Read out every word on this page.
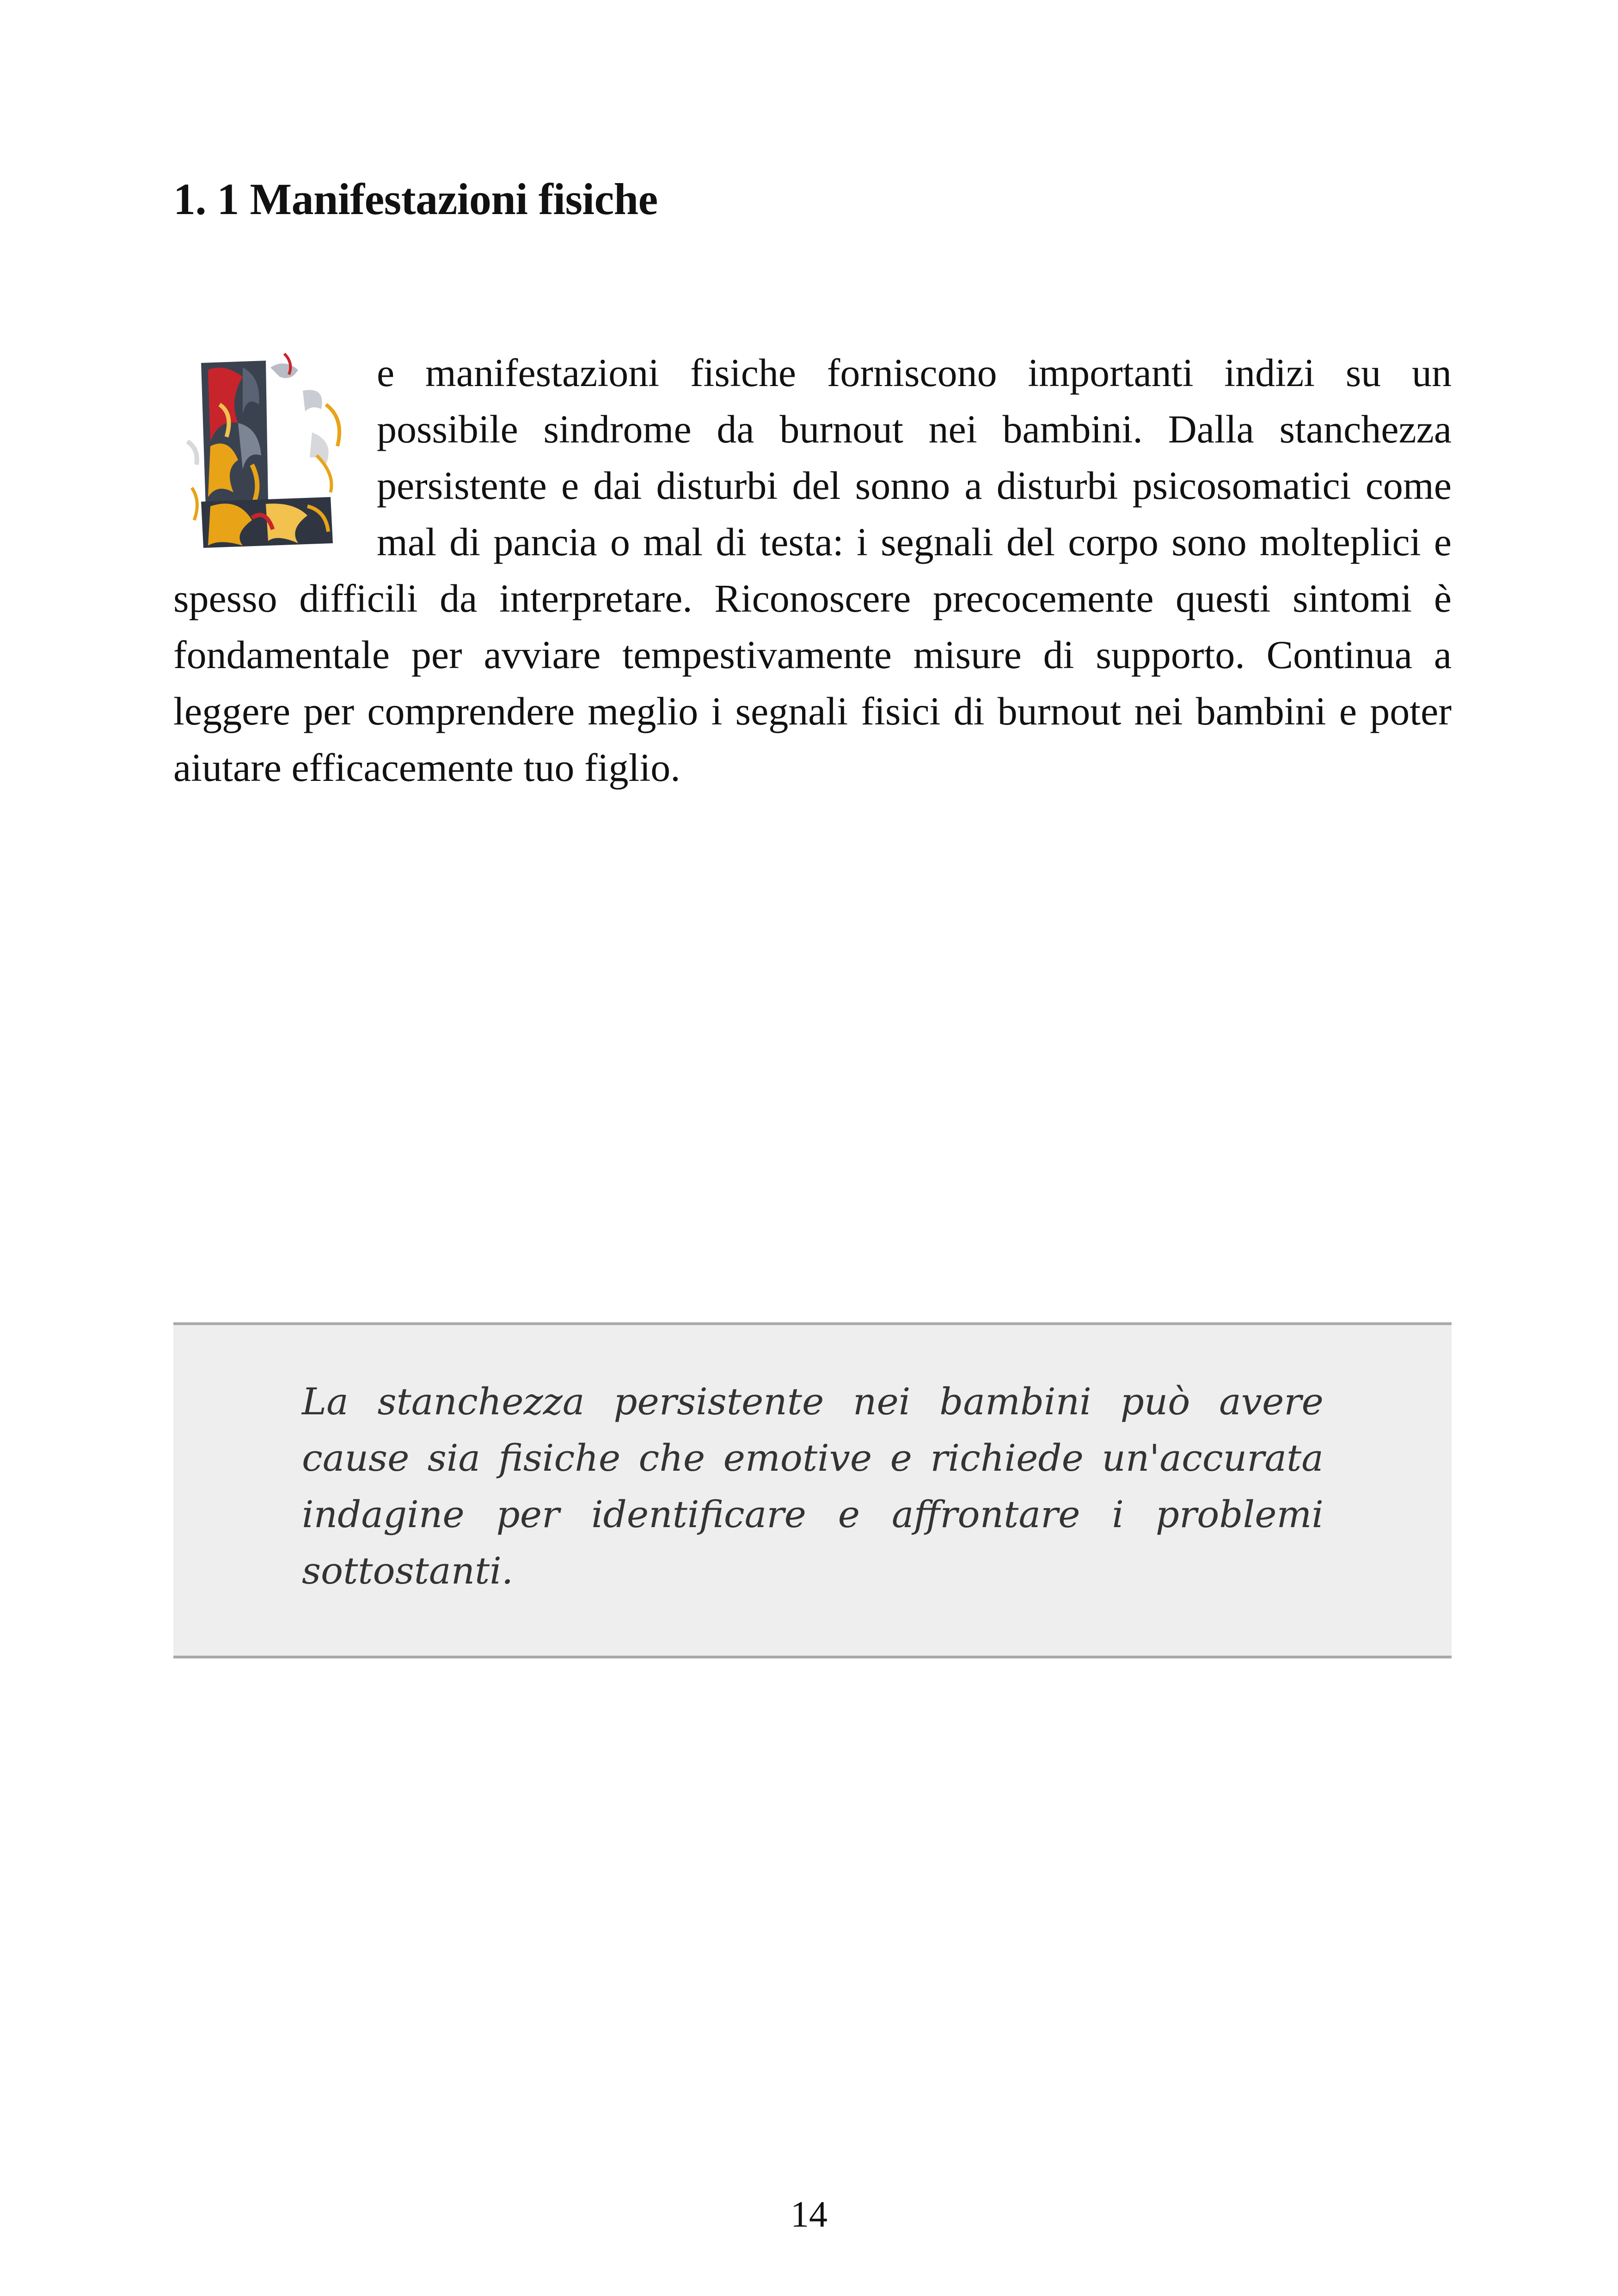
1. 1 Manifestazioni fisiche

e manifestazioni fisiche forniscono importanti indizi su un possibile sindrome da burnout nei bambini. Dalla stanchezza persistente e dai disturbi del sonno a disturbi psicosomatici come mal di pancia o mal di testa: i segnali del corpo sono molteplici e spesso difficili da interpretare. Riconoscere precocemente questi sintomi è fondamentale per avviare tempestivamente misure di supporto. Continua a leggere per comprendere meglio i segnali fisici di burnout nei bambini e poter aiutare efficacemente tuo figlio.

La stanchezza persistente nei bambini può avere cause sia fisiche che emotive e richiede un'accurata indagine per identificare e affrontare i problemi sottostanti.

14
